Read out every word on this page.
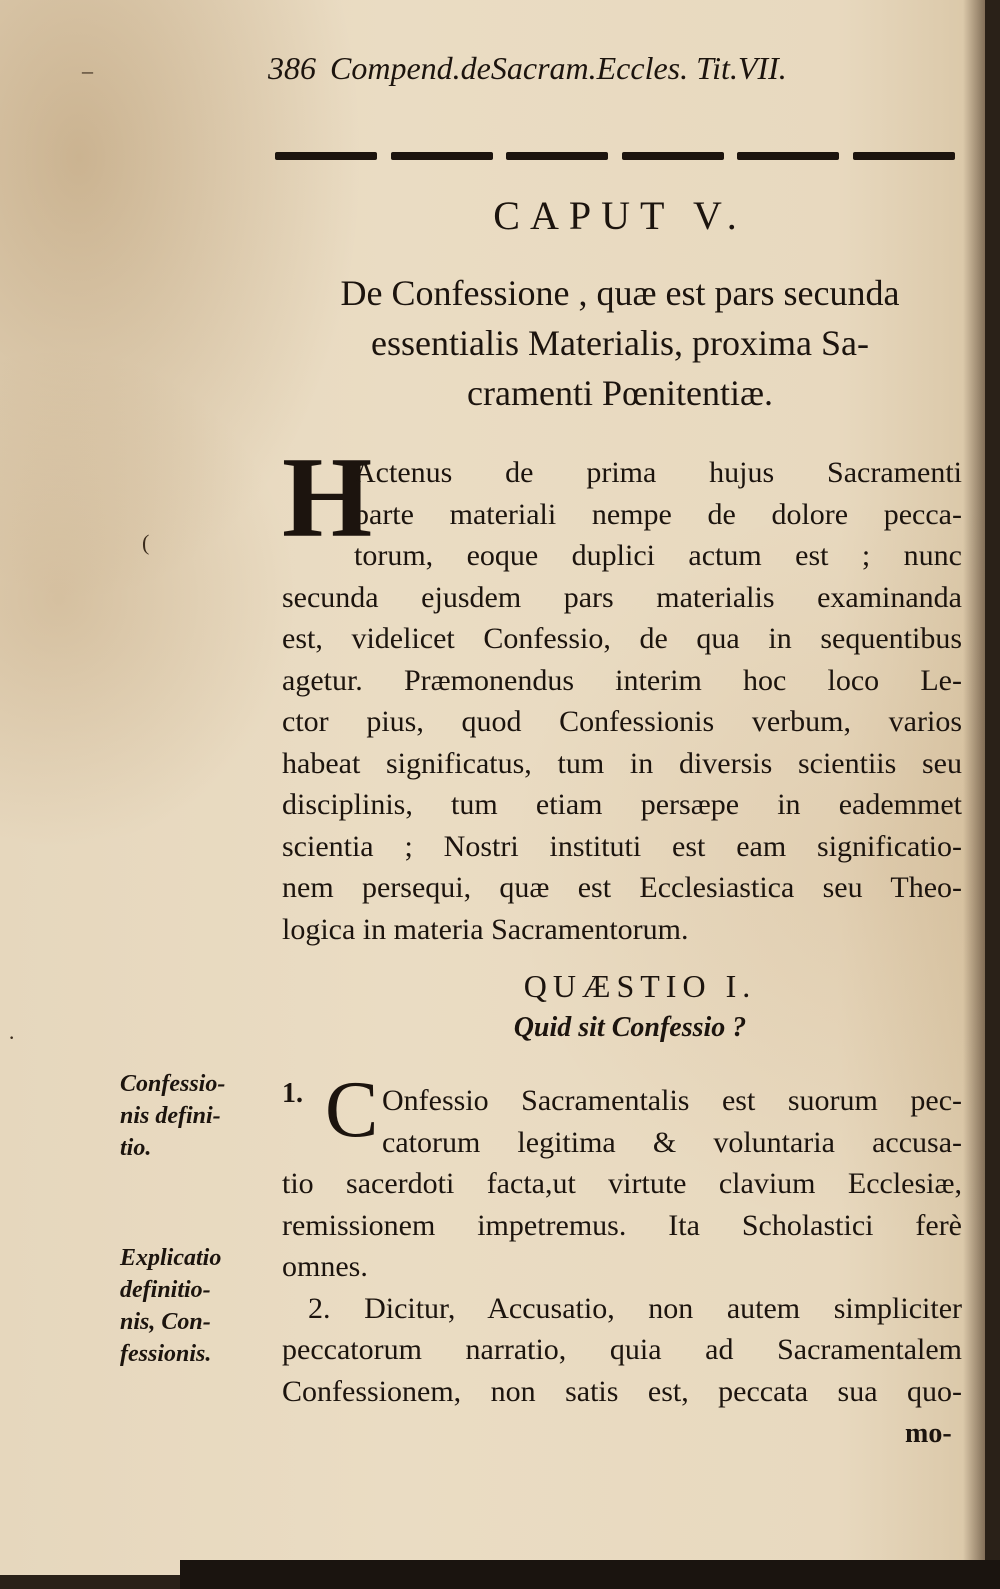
386 Compend.deSacram.Eccles. Tit.VII.
CAPUT V.
De Confessione , quæ est pars secunda
essentialis Materialis, proxima Sa-
cramenti Pœnitentiæ.
H
Actenus de prima hujus Sacramenti
parte materiali nempe de dolore pecca-
torum, eoque duplici actum est ; nunc
secunda ejusdem pars materialis examinanda
est, videlicet Confessio, de qua in sequentibus
agetur. Præmonendus interim hoc loco Le-
ctor pius, quod Confessionis verbum, varios
habeat significatus, tum in diversis scientiis seu
disciplinis, tum etiam persæpe in eademmet
scientia ; Nostri instituti est eam significatio-
nem persequi, quæ est Ecclesiastica seu Theo-
logica in materia Sacramentorum.
QUÆSTIO I.
Quid sit Confessio ?
Confessio-
nis defini-
tio.
Explicatio
definitio-
nis, Con-
fessionis.
1. C Onfessio Sacramentalis est suorum pec-
catorum legitima & voluntaria accusa-
tio sacerdoti facta,ut virtute clavium Ecclesiæ,
remissionem impetremus. Ita Scholastici ferè
omnes.
2. Dicitur, Accusatio, non autem simpliciter
peccatorum narratio, quia ad Sacramentalem
Confessionem, non satis est, peccata sua quo-
mo-
–
(
·
